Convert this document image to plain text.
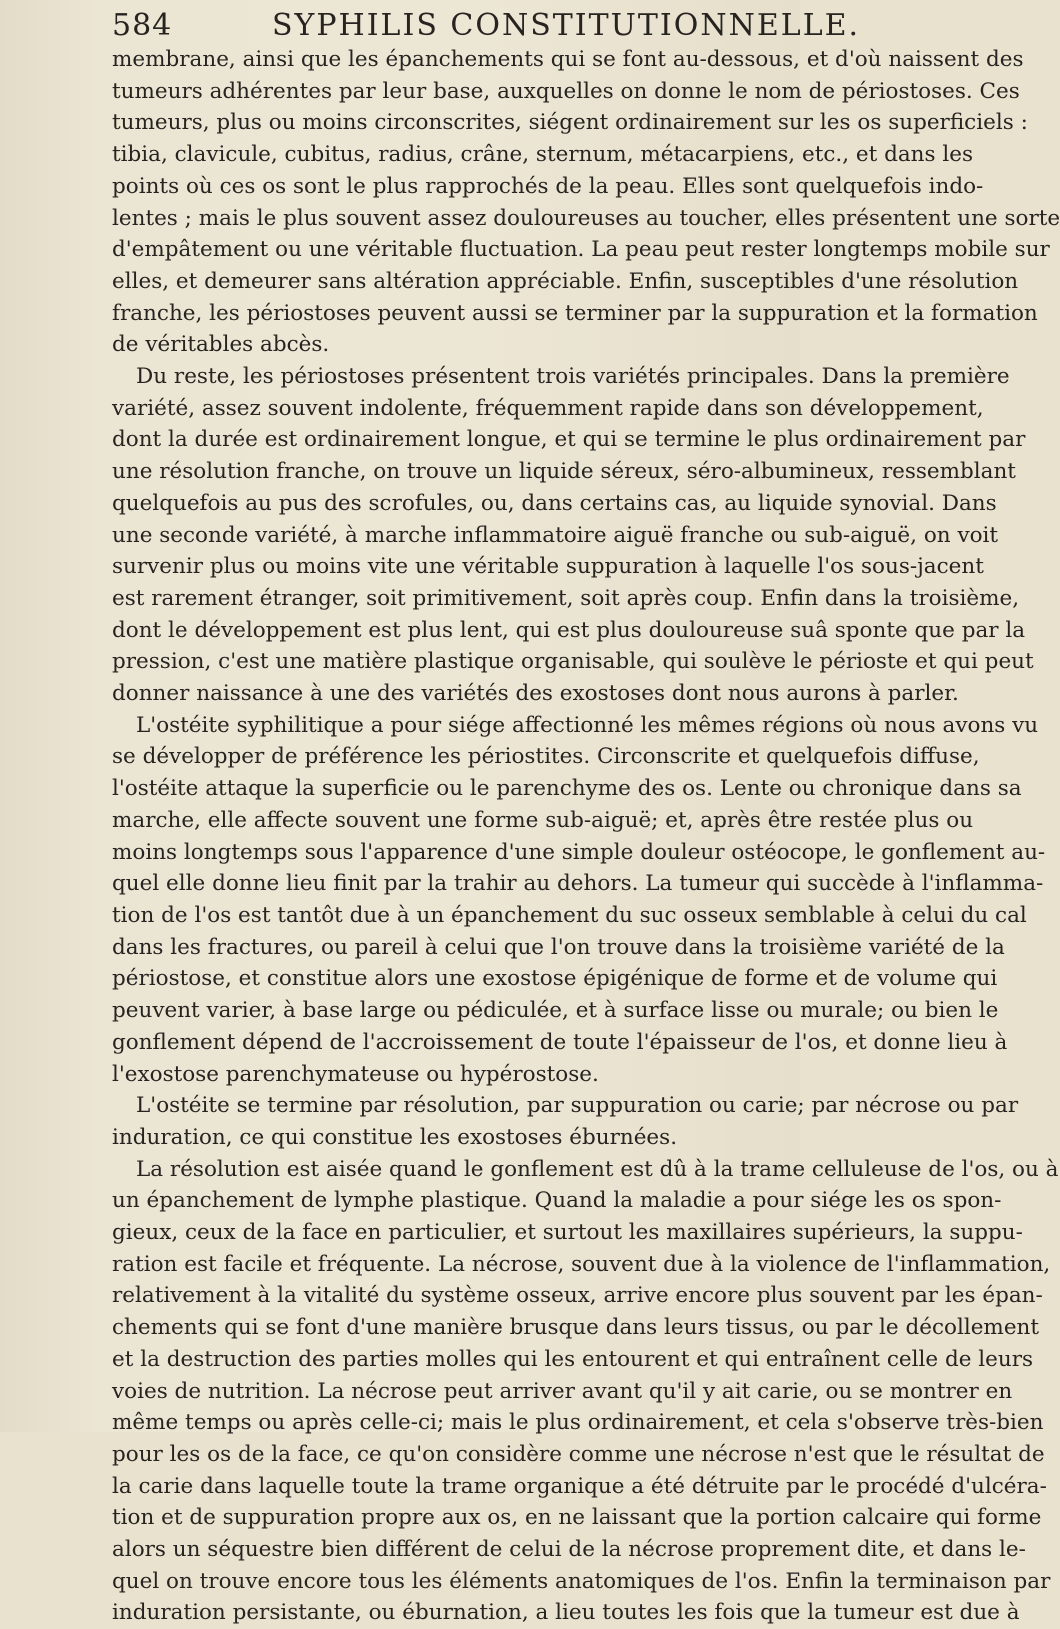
584	SYPHILIS CONSTITUTIONNELLE.

membrane, ainsi que les épanchements qui se font au-dessous, et d'où naissent des
tumeurs adhérentes par leur base, auxquelles on donne le nom de périostoses. Ces
tumeurs, plus ou moins circonscrites, siégent ordinairement sur les os superficiels :
tibia, clavicule, cubitus, radius, crâne, sternum, métacarpiens, etc., et dans les
points où ces os sont le plus rapprochés de la peau. Elles sont quelquefois indo-
lentes ; mais le plus souvent assez douloureuses au toucher, elles présentent une sorte
d'empâtement ou une véritable fluctuation. La peau peut rester longtemps mobile sur
elles, et demeurer sans altération appréciable. Enfin, susceptibles d'une résolution
franche, les périostoses peuvent aussi se terminer par la suppuration et la formation
de véritables abcès.

Du reste, les périostoses présentent trois variétés principales. Dans la première
variété, assez souvent indolente, fréquemment rapide dans son développement,
dont la durée est ordinairement longue, et qui se termine le plus ordinairement par
une résolution franche, on trouve un liquide séreux, séro-albumineux, ressemblant
quelquefois au pus des scrofules, ou, dans certains cas, au liquide synovial. Dans
une seconde variété, à marche inflammatoire aiguë franche ou sub-aiguë, on voit
survenir plus ou moins vite une véritable suppuration à laquelle l'os sous-jacent
est rarement étranger, soit primitivement, soit après coup. Enfin dans la troisième,
dont le développement est plus lent, qui est plus douloureuse suâ sponte que par la
pression, c'est une matière plastique organisable, qui soulève le périoste et qui peut
donner naissance à une des variétés des exostoses dont nous aurons à parler.

L'ostéite syphilitique a pour siége affectionné les mêmes régions où nous avons vu
se développer de préférence les périostites. Circonscrite et quelquefois diffuse,
l'ostéite attaque la superficie ou le parenchyme des os. Lente ou chronique dans sa
marche, elle affecte souvent une forme sub-aiguë; et, après être restée plus ou
moins longtemps sous l'apparence d'une simple douleur ostéocope, le gonflement au-
quel elle donne lieu finit par la trahir au dehors. La tumeur qui succède à l'inflamma-
tion de l'os est tantôt due à un épanchement du suc osseux semblable à celui du cal
dans les fractures, ou pareil à celui que l'on trouve dans la troisième variété de la
périostose, et constitue alors une exostose épigénique de forme et de volume qui
peuvent varier, à base large ou pédiculée, et à surface lisse ou murale; ou bien le
gonflement dépend de l'accroissement de toute l'épaisseur de l'os, et donne lieu à
l'exostose parenchymateuse ou hypérostose.

L'ostéite se termine par résolution, par suppuration ou carie; par nécrose ou par
induration, ce qui constitue les exostoses éburnées.

La résolution est aisée quand le gonflement est dû à la trame celluleuse de l'os, ou à
un épanchement de lymphe plastique. Quand la maladie a pour siége les os spon-
gieux, ceux de la face en particulier, et surtout les maxillaires supérieurs, la suppu-
ration est facile et fréquente. La nécrose, souvent due à la violence de l'inflammation,
relativement à la vitalité du système osseux, arrive encore plus souvent par les épan-
chements qui se font d'une manière brusque dans leurs tissus, ou par le décollement
et la destruction des parties molles qui les entourent et qui entraînent celle de leurs
voies de nutrition. La nécrose peut arriver avant qu'il y ait carie, ou se montrer en
même temps ou après celle-ci; mais le plus ordinairement, et cela s'observe très-bien
pour les os de la face, ce qu'on considère comme une nécrose n'est que le résultat de
la carie dans laquelle toute la trame organique a été détruite par le procédé d'ulcéra-
tion et de suppuration propre aux os, en ne laissant que la portion calcaire qui forme
alors un séquestre bien différent de celui de la nécrose proprement dite, et dans le-
quel on trouve encore tous les éléments anatomiques de l'os. Enfin la terminaison par
induration persistante, ou éburnation, a lieu toutes les fois que la tumeur est due à
